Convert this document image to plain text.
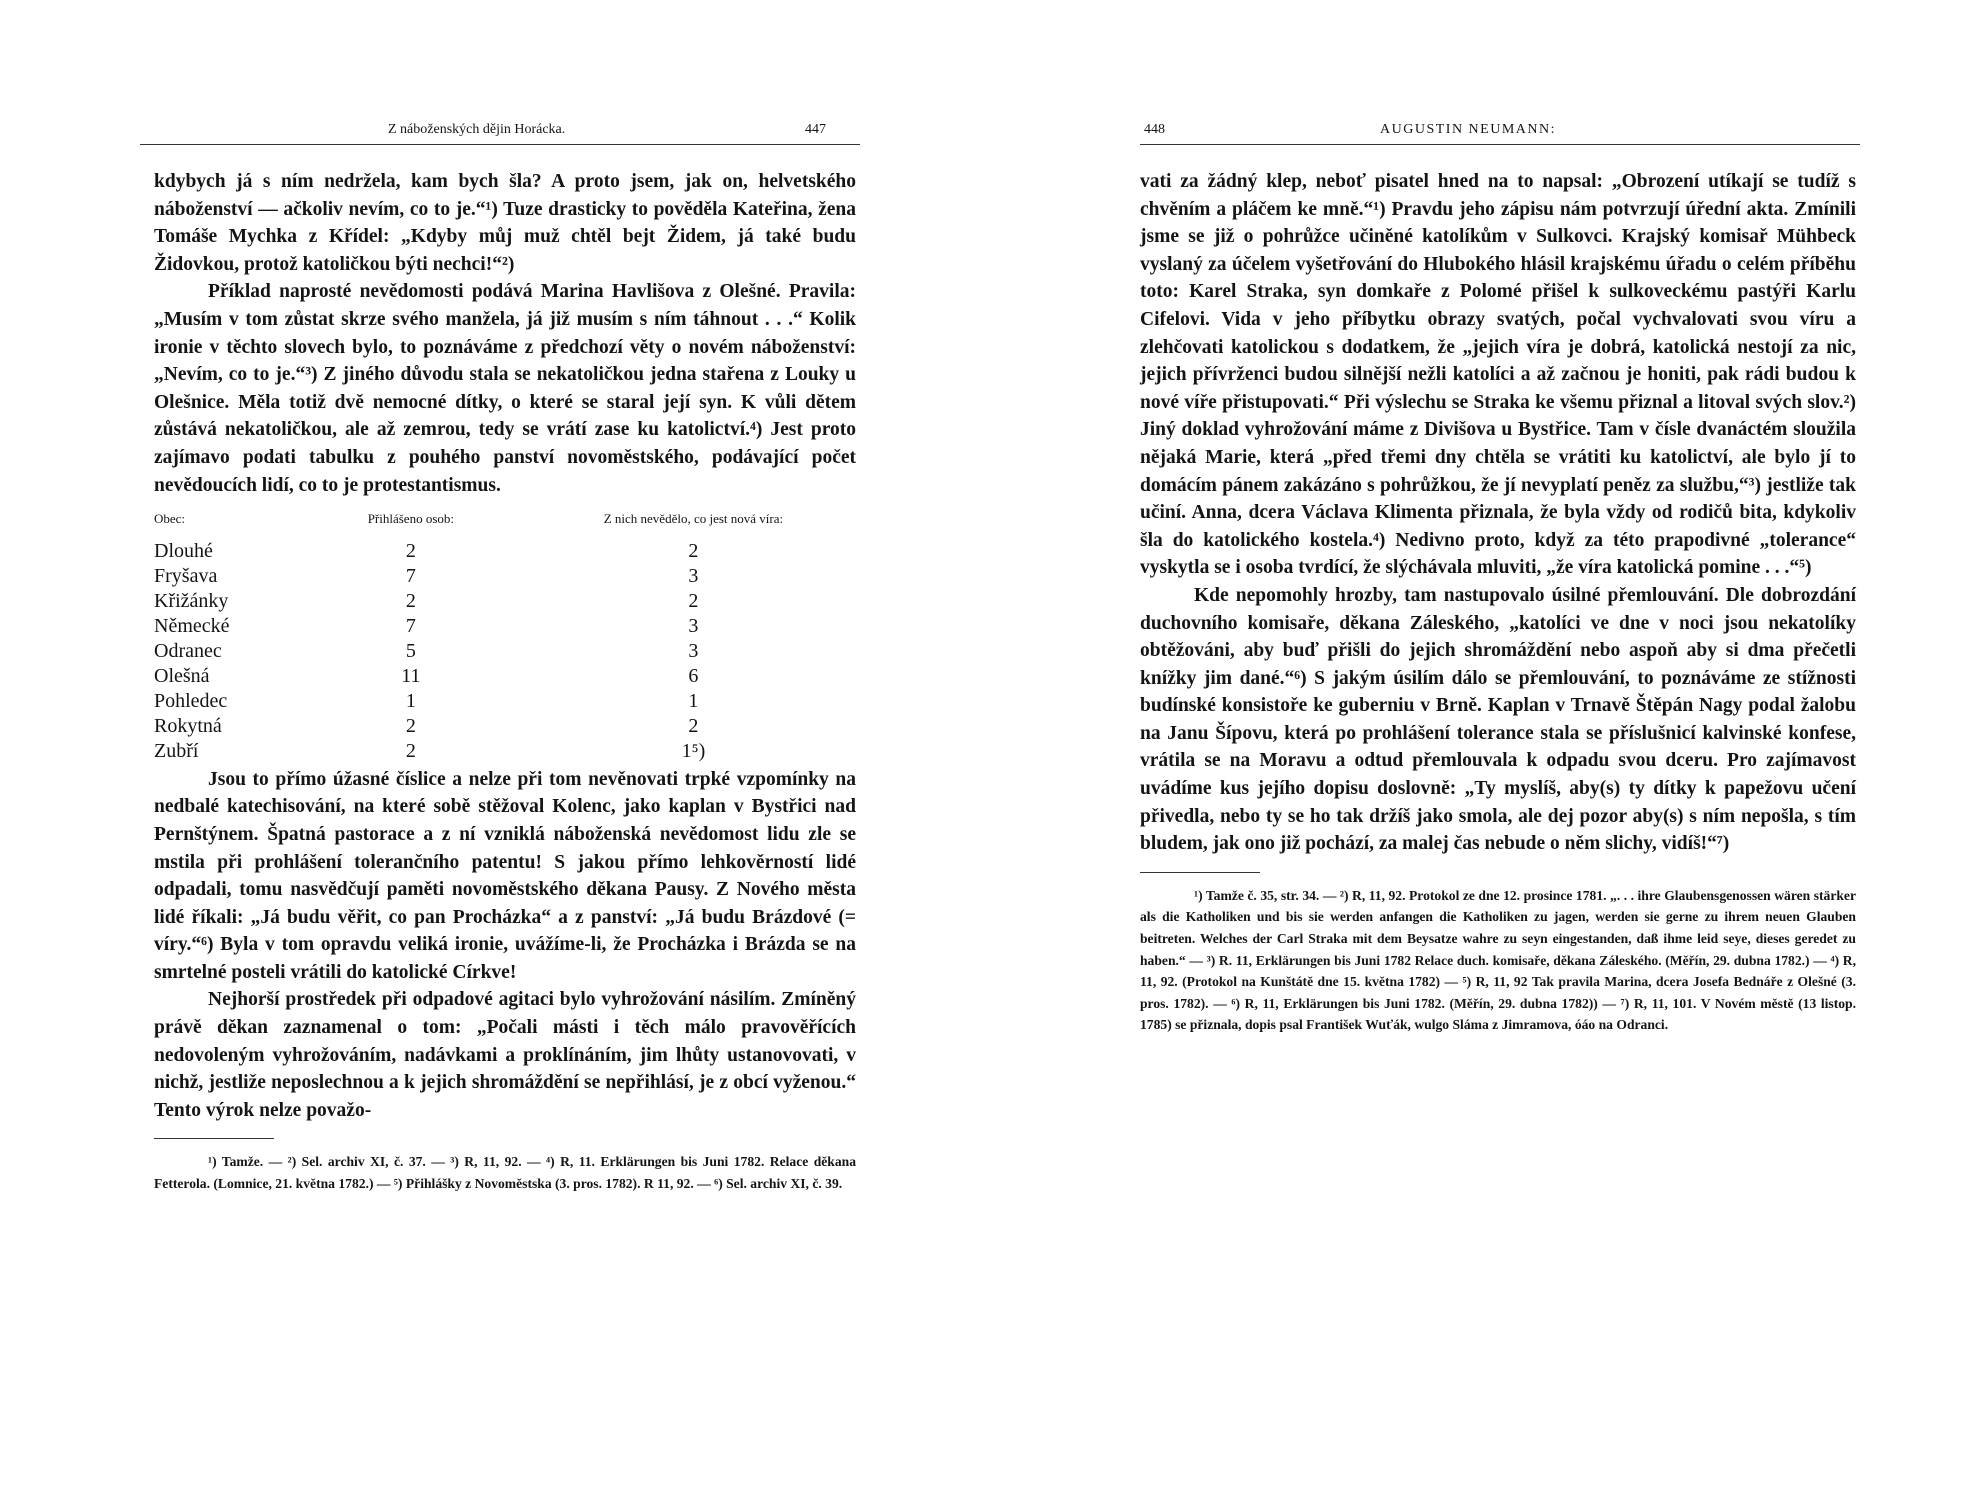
Z náboženských dějin Horácka.	447

kdybych já s ním nedržela, kam bych šla? A proto jsem, jak on, helvetského náboženství — ačkoliv nevím, co to je.“¹) Tuze drasticky to pověděla Kateřina, žena Tomáše Mychka z Křídel: „Kdyby můj muž chtěl bejt Židem, já také budu Židovkou, protož katoličkou býti nechci!“²)

Příklad naprosté nevědomosti podává Marina Havlišova z Olešné. Pravila: „Musím v tom zůstat skrze svého manžela, já již musím s ním táhnout . . .“ Kolik ironie v těchto slovech bylo, to poznáváme z předchozí věty o novém náboženství: „Nevím, co to je.“³) Z jiného důvodu stala se nekatoličkou jedna stařena z Louky u Olešnice. Měla totiž dvě nemocné dítky, o které se staral její syn. K vůli dětem zůstává nekatoličkou, ale až zemrou, tedy se vrátí zase ku katolictví.⁴) Jest proto zajímavo podati tabulku z pouhého panství novoměstského, podávající počet nevědoucích lidí, co to je protestantismus.

Obec:	Přihlášeno osob:	Z nich nevědělo, co jest nová víra:
Dlouhé	2	2
Fryšava	7	3
Křižánky	2	2
Německé	7	3
Odranec	5	3
Olešná	11	6
Pohledec	1	1
Rokytná	2	2
Zubří	2	1⁵)

Jsou to přímo úžasné číslice a nelze při tom nevěnovati trpké vzpomínky na nedbalé katechisování, na které sobě stěžoval Kolenc, jako kaplan v Bystřici nad Pernštýnem. Špatná pastorace a z ní vzniklá náboženská nevědomost lidu zle se mstila při prohlášení tolerančního patentu! S jakou přímo lehkověrností lidé odpadali, tomu nasvědčují paměti novoměstského děkana Pausy. Z Nového města lidé říkali: „Já budu věřit, co pan Procházka“ a z panství: „Já budu Brázdové (= víry.“⁶) Byla v tom opravdu veliká ironie, uvážíme-li, že Procházka i Brázda se na smrtelné posteli vrátili do katolické Církve!

Nejhorší prostředek při odpadové agitaci bylo vyhrožování násilím. Zmíněný právě děkan zaznamenal o tom: „Počali másti i těch málo pravověřících nedovoleným vyhrožováním, nadávkami a proklínáním, jim lhůty ustanovovati, v nichž, jestliže neposlechnou a k jejich shromáždění se nepřihlásí, je z obcí vyženou.“ Tento výrok nelze považo-

¹) Tamže. — ²) Sel. archiv XI, č. 37. — ³) R, 11, 92. — ⁴) R, 11. Erklärungen bis Juni 1782. Relace děkana Fetterola. (Lomnice, 21. května 1782.) — ⁵) Přihlášky z Novoměstska (3. pros. 1782). R 11, 92. — ⁶) Sel. archiv XI, č. 39.
448	AUGUSTIN NEUMANN:

vati za žádný klep, neboť pisatel hned na to napsal: „Obrození utíkají se tudíž s chvěním a pláčem ke mně.“¹) Pravdu jeho zápisu nám potvrzují úřední akta. Zmínili jsme se již o pohrůžce učiněné katolíkům v Sulkovci. Krajský komisař Mühbeck vyslaný za účelem vyšetřování do Hlubokého hlásil krajskému úřadu o celém příběhu toto: Karel Straka, syn domkaře z Polomé přišel k sulkoveckému pastýři Karlu Cifelovi. Vida v jeho příbytku obrazy svatých, počal vychvalovati svou víru a zlehčovati katolickou s dodatkem, že „jejich víra je dobrá, katolická nestojí za nic, jejich přívrženci budou silnější nežli katolíci a až začnou je honiti, pak rádi budou k nové víře přistupovati.“ Při výslechu se Straka ke všemu přiznal a litoval svých slov.²) Jiný doklad vyhrožování máme z Divišova u Bystřice. Tam v čísle dvanáctém sloužila nějaká Marie, která „před třemi dny chtěla se vrátiti ku katolictví, ale bylo jí to domácím pánem zakázáno s pohrůžkou, že jí nevyplatí peněz za službu,“³) jestliže tak učiní. Anna, dcera Václava Klimenta přiznala, že byla vždy od rodičů bita, kdykoliv šla do katolického kostela.⁴) Nedivno proto, když za této prapodivné „tolerance“ vyskytla se i osoba tvrdící, že slýchávala mluviti, „že víra katolická pomine . . .“⁵)

Kde nepomohly hrozby, tam nastupovalo úsilné přemlouvání. Dle dobrozdání duchovního komisaře, děkana Záleského, „katolíci ve dne v noci jsou nekatolíky obtěžováni, aby buď přišli do jejich shromáždění nebo aspoň aby si dma přečetli knížky jim dané.“⁶) S jakým úsilím dálo se přemlouvání, to poznáváme ze stížnosti budínské konsistoře ke guberniu v Brně. Kaplan v Trnavě Štěpán Nagy podal žalobu na Janu Šípovu, která po prohlášení tolerance stala se příslušnicí kalvinské konfese, vrátila se na Moravu a odtud přemlouvala k odpadu svou dceru. Pro zajímavost uvádíme kus jejího dopisu doslovně: „Ty myslíš, aby(s) ty dítky k papežovu učení přivedla, nebo ty se ho tak držíš jako smola, ale dej pozor aby(s) s ním nepošla, s tím bludem, jak ono již pochází, za malej čas nebude o něm slichy, vidíš!“⁷)

¹) Tamže č. 35, str. 34. — ²) R, 11, 92. Protokol ze dne 12. prosince 1781. „. . . ihre Glaubensgenossen wären stärker als die Katholiken und bis sie werden anfangen die Katholiken zu jagen, werden sie gerne zu ihrem neuen Glauben beitreten. Welches der Carl Straka mit dem Beysatze wahre zu seyn eingestanden, daß ihme leid seye, dieses geredet zu haben.“ — ³) R. 11, Erklärungen bis Juni 1782 Relace duch. komisaře, děkana Záleského. (Měřín, 29. dubna 1782.) — ⁴) R, 11, 92. (Protokol na Kunštátě dne 15. května 1782) — ⁵) R, 11, 92 Tak pravila Marina, dcera Josefa Bednáře z Olešné (3. pros. 1782). — ⁶) R, 11, Erklärungen bis Juni 1782. (Měřín, 29. dubna 1782)) — ⁷) R, 11, 101. V Novém městě (13 listop. 1785) se přiznala, dopis psal František Wuťák, wulgo Sláma z Jimramova, óáo na Odranci.
